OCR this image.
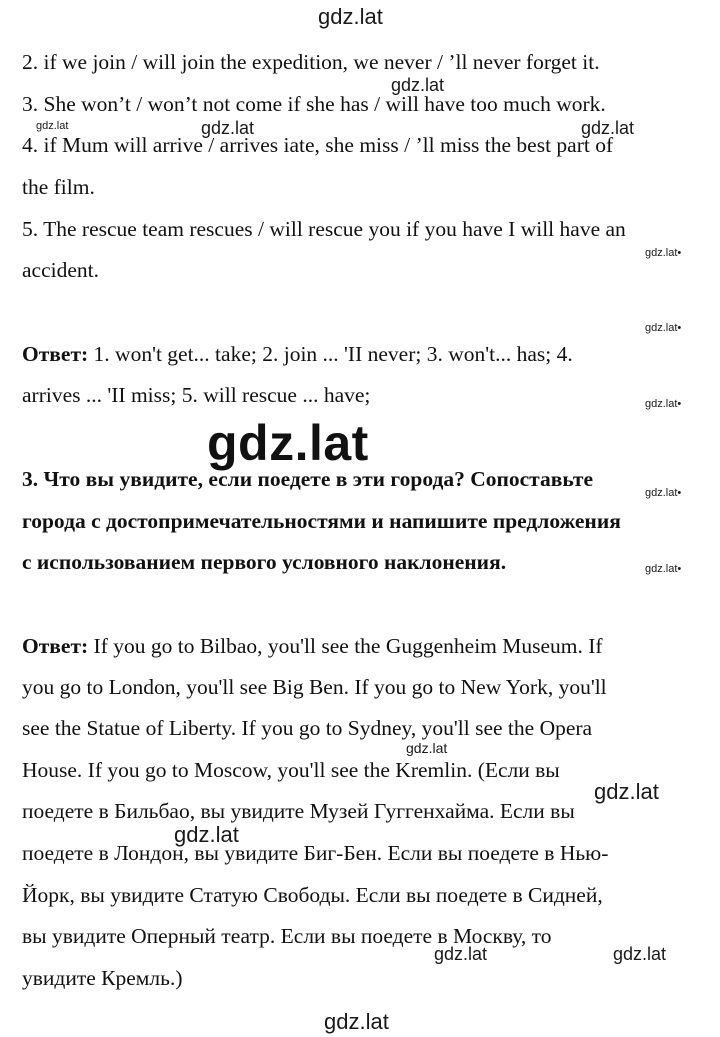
2. if we join / will join the expedition, we never / ’ll never forget it.
3. She won’t / won’t not come if she has / will have too much work.
4. if Mum will arrive / arrives iate, she miss / ’ll miss the best part of
the film.
5. The rescue team rescues / will rescue you if you have I will have an
accident.
Ответ: 1. won't get... take; 2. join ... 'II never; 3. won't... has; 4.
arrives ... 'II miss; 5. will rescue ... have;
3. Что вы увидите, если поедете в эти города? Сопоставьте
города с достопримечательностями и напишите предложения
с использованием первого условного наклонения.
Ответ: If you go to Bilbao, you'll see the Guggenheim Museum. If
you go to London, you'll see Big Ben. If you go to New York, you'll
see the Statue of Liberty. If you go to Sydney, you'll see the Opera
House. If you go to Moscow, you'll see the Kremlin. (Если вы
поедете в Бильбао, вы увидите Музей Гуггенхайма. Если вы
поедете в Лондон, вы увидите Биг-Бен. Если вы поедете в Нью-
Йорк, вы увидите Статую Свободы. Если вы поедете в Сидней,
вы увидите Оперный театр. Если вы поедете в Москву, то
увидите Кремль.)
gdz.lat
gdz.lat
gdz.lat	gdz.lat	gdz.lat
gdz.lat•
gdz.lat•
gdz.lat•
gdz.lat
gdz.lat•
gdz.lat•
gdz.lat
gdz.lat
gdz.lat
gdz.lat	gdz.lat
gdz.lat
